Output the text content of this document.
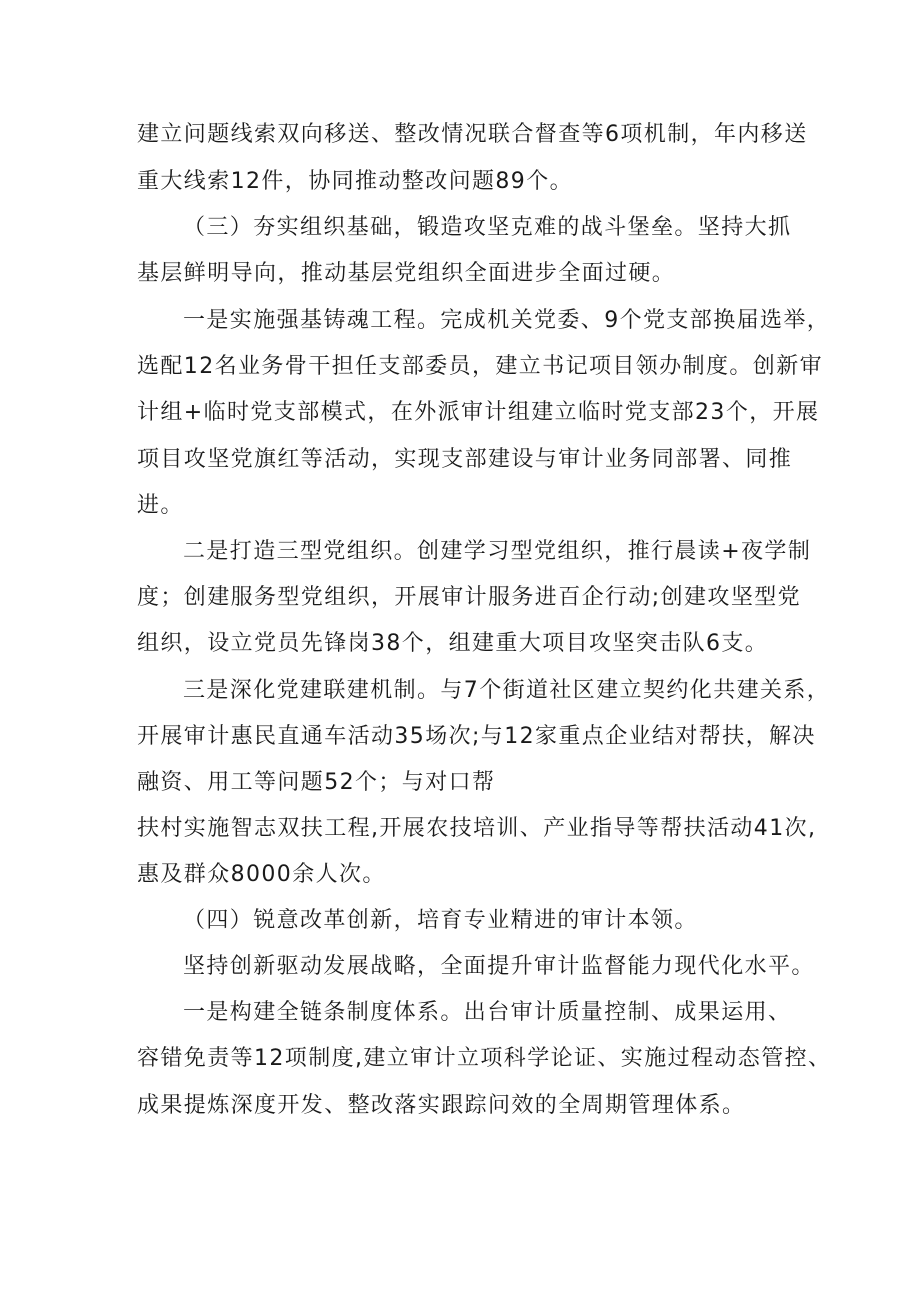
建立问题线索双向移送、整改情况联合督查等6项机制，年内移送
重大线索12件，协同推动整改问题89个。
（三）夯实组织基础，锻造攻坚克难的战斗堡垒。坚持大抓
基层鲜明导向，推动基层党组织全面进步全面过硬。
一是实施强基铸魂工程。完成机关党委、9个党支部换届选举，
选配12名业务骨干担任支部委员，建立书记项目领办制度。创新审
计组+临时党支部模式，在外派审计组建立临时党支部23个，开展
项目攻坚党旗红等活动，实现支部建设与审计业务同部署、同推
进。
二是打造三型党组织。创建学习型党组织，推行晨读+夜学制
度；创建服务型党组织，开展审计服务进百企行动;创建攻坚型党
组织，设立党员先锋岗38个，组建重大项目攻坚突击队6支。
三是深化党建联建机制。与7个街道社区建立契约化共建关系，
开展审计惠民直通车活动35场次;与12家重点企业结对帮扶，解决
融资、用工等问题52个；与对口帮
扶村实施智志双扶工程,开展农技培训、产业指导等帮扶活动41次,
惠及群众8000余人次。
（四）锐意改革创新，培育专业精进的审计本领。
坚持创新驱动发展战略，全面提升审计监督能力现代化水平。
一是构建全链条制度体系。出台审计质量控制、成果运用、
容错免责等12项制度,建立审计立项科学论证、实施过程动态管控、
成果提炼深度开发、整改落实跟踪问效的全周期管理体系。
